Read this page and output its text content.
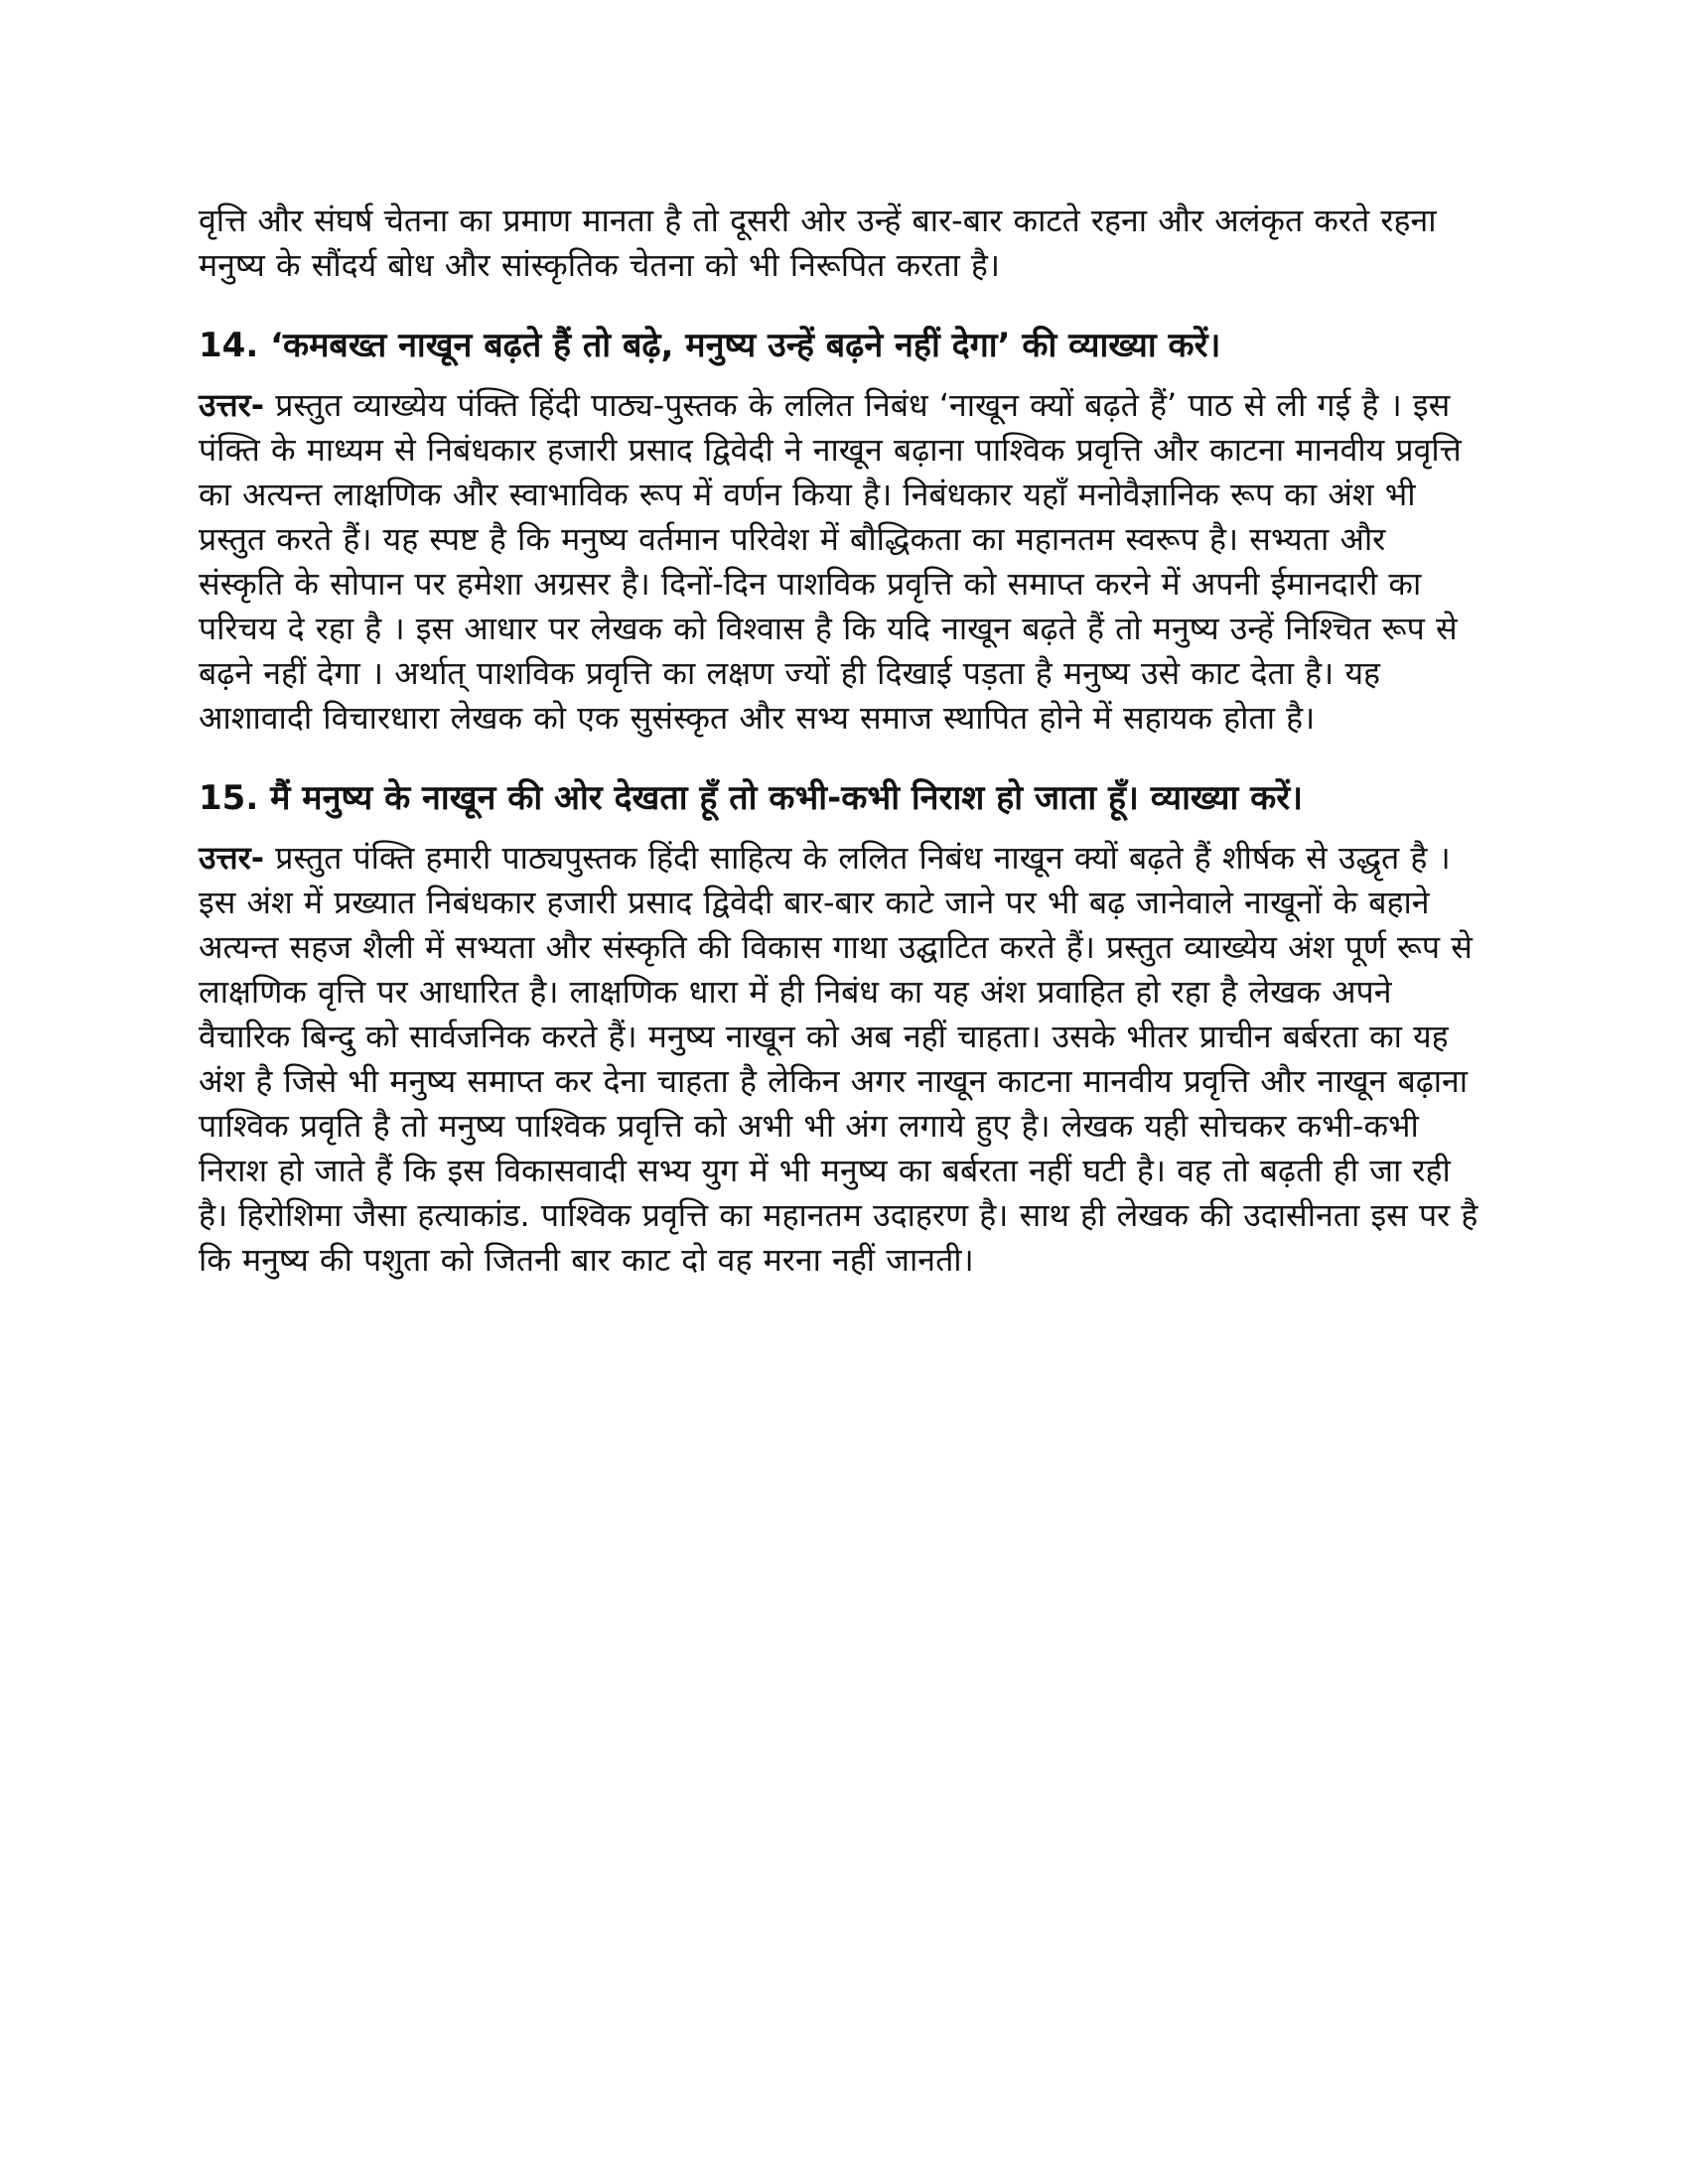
वृत्ति और संघर्ष चेतना का प्रमाण मानता है तो दूसरी ओर उन्हें बार-बार काटते रहना और अलंकृत करते रहना मनुष्य के सौंदर्य बोध और सांस्कृतिक चेतना को भी निरूपित करता है।

14. ‘कमबख्त नाखून बढ़ते हैं तो बढ़े, मनुष्य उन्हें बढ़ने नहीं देगा’ की व्याख्या करें।

उत्तर- प्रस्तुत व्याख्येय पंक्ति हिंदी पाठ्य-पुस्तक के ललित निबंध ‘नाखून क्यों बढ़ते हैं’ पाठ से ली गई है । इस पंक्ति के माध्यम से निबंधकार हजारी प्रसाद द्विवेदी ने नाखून बढ़ाना पाश्विक प्रवृत्ति और काटना मानवीय प्रवृत्ति का अत्यन्त लाक्षणिक और स्वाभाविक रूप में वर्णन किया है। निबंधकार यहाँ मनोवैज्ञानिक रूप का अंश भी प्रस्तुत करते हैं। यह स्पष्ट है कि मनुष्य वर्तमान परिवेश में बौद्धिकता का महानतम स्वरूप है। सभ्यता और संस्कृति के सोपान पर हमेशा अग्रसर है। दिनों-दिन पाशविक प्रवृत्ति को समाप्त करने में अपनी ईमानदारी का परिचय दे रहा है । इस आधार पर लेखक को विश्वास है कि यदि नाखून बढ़ते हैं तो मनुष्य उन्हें निश्चित रूप से बढ़ने नहीं देगा । अर्थात् पाशविक प्रवृत्ति का लक्षण ज्यों ही दिखाई पड़ता है मनुष्य उसे काट देता है। यह आशावादी विचारधारा लेखक को एक सुसंस्कृत और सभ्य समाज स्थापित होने में सहायक होता है।

15. मैं मनुष्य के नाखून की ओर देखता हूँ तो कभी-कभी निराश हो जाता हूँ। व्याख्या करें।

उत्तर- प्रस्तुत पंक्ति हमारी पाठ्यपुस्तक हिंदी साहित्य के ललित निबंध नाखून क्यों बढ़ते हैं शीर्षक से उद्धृत है । इस अंश में प्रख्यात निबंधकार हजारी प्रसाद द्विवेदी बार-बार काटे जाने पर भी बढ़ जानेवाले नाखूनों के बहाने अत्यन्त सहज शैली में सभ्यता और संस्कृति की विकास गाथा उद्घाटित करते हैं। प्रस्तुत व्याख्येय अंश पूर्ण रूप से लाक्षणिक वृत्ति पर आधारित है। लाक्षणिक धारा में ही निबंध का यह अंश प्रवाहित हो रहा है लेखक अपने वैचारिक बिन्दु को सार्वजनिक करते हैं। मनुष्य नाखून को अब नहीं चाहता। उसके भीतर प्राचीन बर्बरता का यह अंश है जिसे भी मनुष्य समाप्त कर देना चाहता है लेकिन अगर नाखून काटना मानवीय प्रवृत्ति और नाखून बढ़ाना पाश्विक प्रवृति है तो मनुष्य पाश्विक प्रवृत्ति को अभी भी अंग लगाये हुए है। लेखक यही सोचकर कभी-कभी निराश हो जाते हैं कि इस विकासवादी सभ्य युग में भी मनुष्य का बर्बरता नहीं घटी है। वह तो बढ़ती ही जा रही है। हिरोशिमा जैसा हत्याकांड. पाश्विक प्रवृत्ति का महानतम उदाहरण है। साथ ही लेखक की उदासीनता इस पर है कि मनुष्य की पशुता को जितनी बार काट दो वह मरना नहीं जानती।
